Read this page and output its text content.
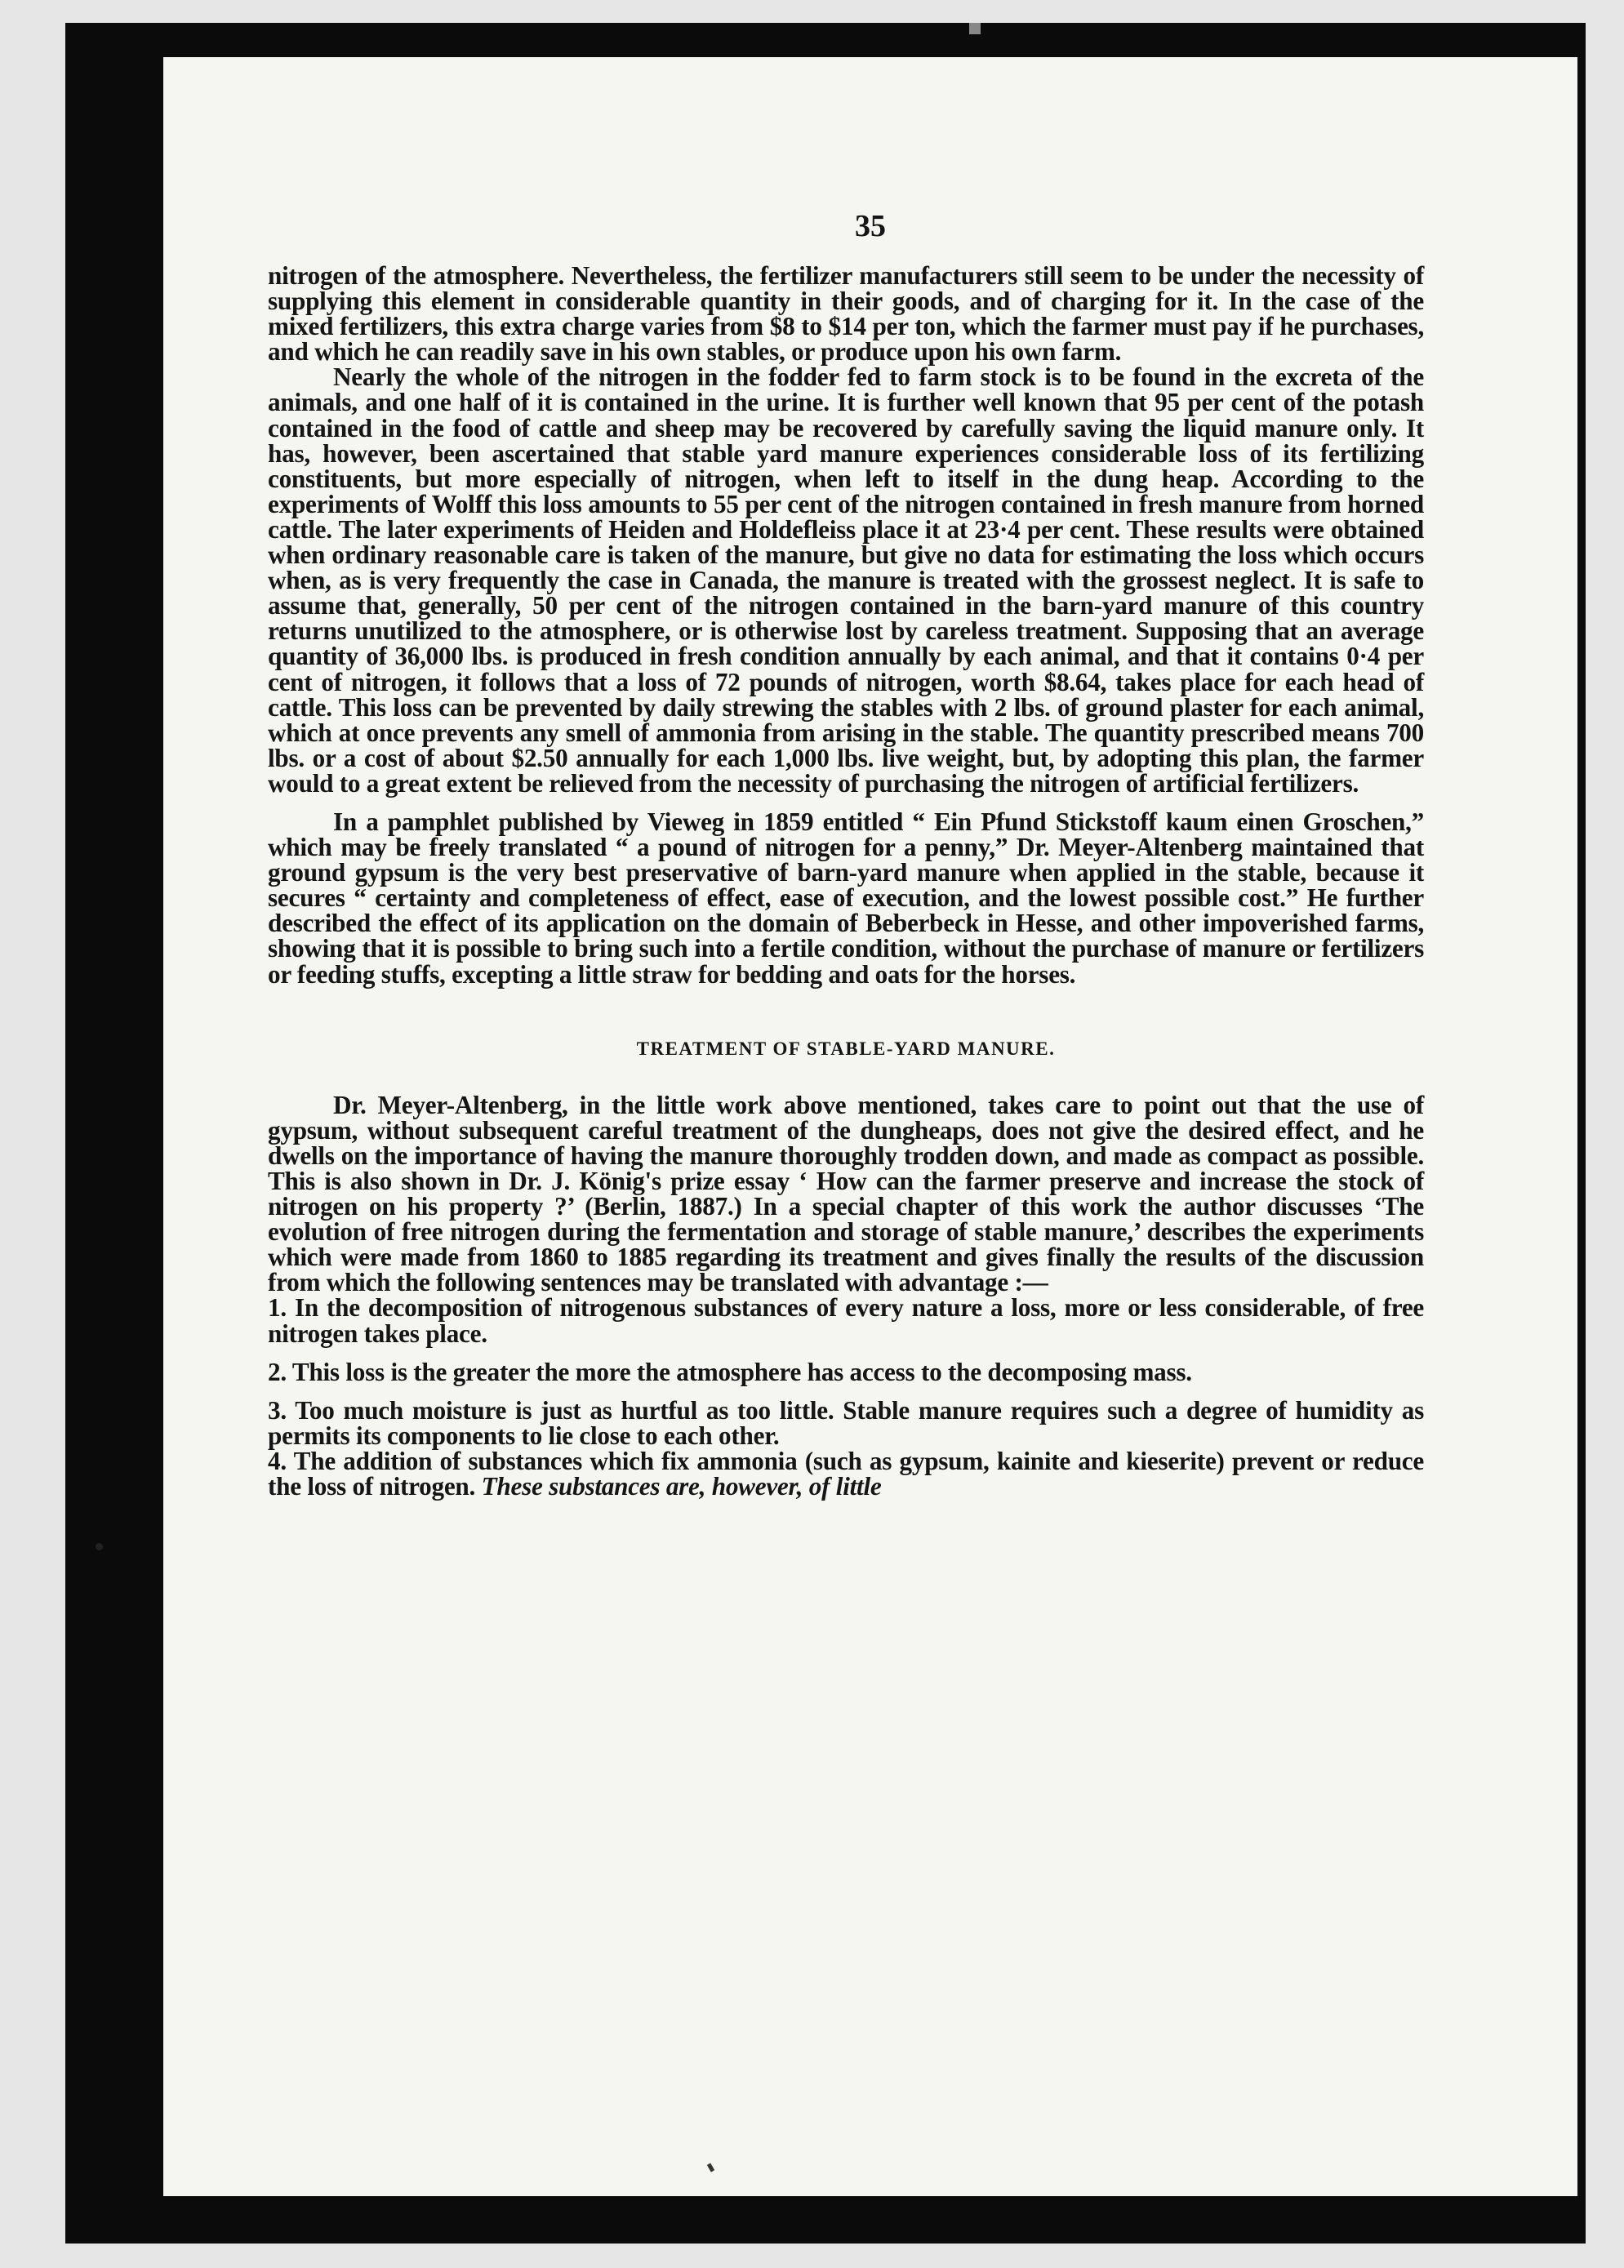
35

nitrogen of the atmosphere. Nevertheless, the fertilizer manufacturers still seem to be under the necessity of supplying this element in considerable quantity in their goods, and of charging for it. In the case of the mixed fertilizers, this extra charge varies from $8 to $14 per ton, which the farmer must pay if he purchases, and which he can readily save in his own stables, or produce upon his own farm.

Nearly the whole of the nitrogen in the fodder fed to farm stock is to be found in the excreta of the animals, and one half of it is contained in the urine. It is further well known that 95 per cent of the potash contained in the food of cattle and sheep may be recovered by carefully saving the liquid manure only. It has, however, been ascertained that stable yard manure experiences considerable loss of its fertilizing constituents, but more especially of nitrogen, when left to itself in the dung heap. According to the experiments of Wolff this loss amounts to 55 per cent of the nitrogen contained in fresh manure from horned cattle. The later experiments of Heiden and Holdefleiss place it at 23·4 per cent. These results were obtained when ordinary reasonable care is taken of the manure, but give no data for estimating the loss which occurs when, as is very frequently the case in Canada, the manure is treated with the grossest neglect. It is safe to assume that, generally, 50 per cent of the nitrogen contained in the barn-yard manure of this country returns unutilized to the atmosphere, or is otherwise lost by careless treatment. Supposing that an average quantity of 36,000 lbs. is produced in fresh condition annually by each animal, and that it contains 0·4 per cent of nitrogen, it follows that a loss of 72 pounds of nitrogen, worth $8.64, takes place for each head of cattle. This loss can be prevented by daily strewing the stables with 2 lbs. of ground plaster for each animal, which at once prevents any smell of ammonia from arising in the stable. The quantity prescribed means 700 lbs. or a cost of about $2.50 annually for each 1,000 lbs. live weight, but, by adopting this plan, the farmer would to a great extent be relieved from the necessity of purchasing the nitrogen of artificial fertilizers.

In a pamphlet published by Vieweg in 1859 entitled “ Ein Pfund Stickstoff kaum einen Groschen,” which may be freely translated “ a pound of nitrogen for a penny,” Dr. Meyer-Altenberg maintained that ground gypsum is the very best preservative of barn-yard manure when applied in the stable, because it secures “ certainty and completeness of effect, ease of execution, and the lowest possible cost.” He further described the effect of its application on the domain of Beberbeck in Hesse, and other impoverished farms, showing that it is possible to bring such into a fertile condition, without the purchase of manure or fertilizers or feeding stuffs, excepting a little straw for bedding and oats for the horses.

TREATMENT OF STABLE-YARD MANURE.

Dr. Meyer-Altenberg, in the little work above mentioned, takes care to point out that the use of gypsum, without subsequent careful treatment of the dungheaps, does not give the desired effect, and he dwells on the importance of having the manure thoroughly trodden down, and made as compact as possible. This is also shown in Dr. J. König's prize essay ‘ How can the farmer preserve and increase the stock of nitrogen on his property ?’ (Berlin, 1887.) In a special chapter of this work the author discusses ‘The evolution of free nitrogen during the fermentation and storage of stable manure,’ describes the experiments which were made from 1860 to 1885 regarding its treatment and gives finally the results of the discussion from which the following sentences may be translated with advantage :—

1. In the decomposition of nitrogenous substances of every nature a loss, more or less considerable, of free nitrogen takes place.

2. This loss is the greater the more the atmosphere has access to the decomposing mass.

3. Too much moisture is just as hurtful as too little. Stable manure requires such a degree of humidity as permits its components to lie close to each other.

4. The addition of substances which fix ammonia (such as gypsum, kainite and kieserite) prevent or reduce the loss of nitrogen. These substances are, however, of little
